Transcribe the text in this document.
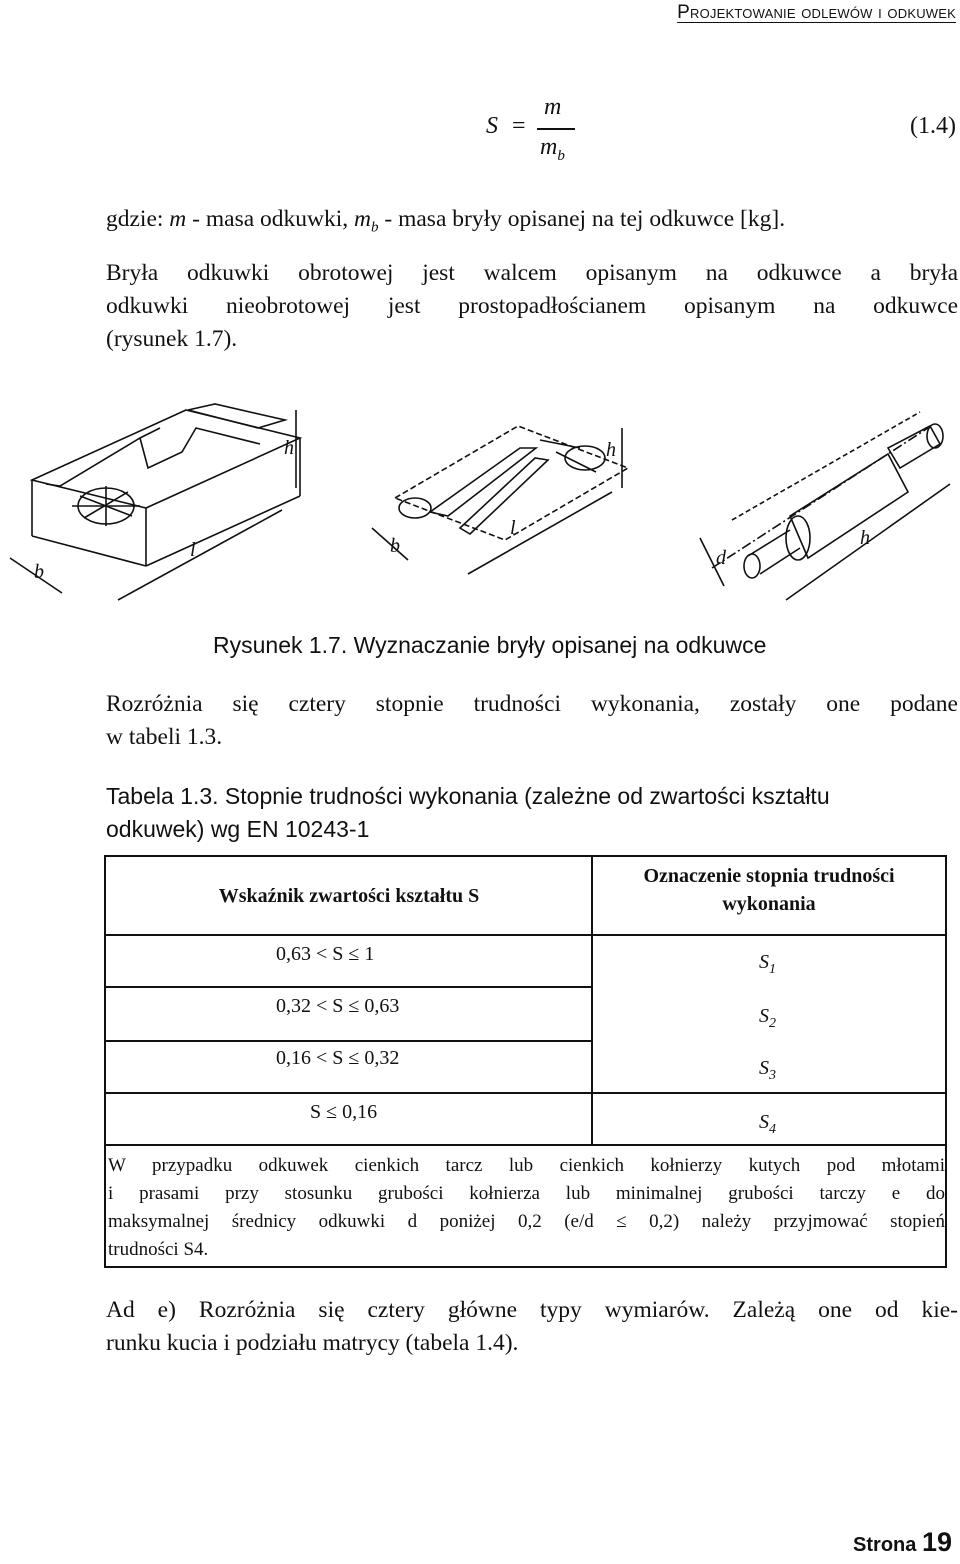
Projektowanie odlewów i odkuwek
S =
m
$m_b$
(1.4)
gdzie: m - masa odkuwki, $m_b$ - masa bryły opisanej na tej odkuwce [kg].
Bryła odkuwki obrotowej jest walcem opisanym na odkuwce a bryła
odkuwki nieobrotowej jest prostopadłościanem opisanym na odkuwce
(rysunek 1.7).
b
l
h
b
l
h
d
h
Rysunek 1.7. Wyznaczanie bryły opisanej na odkuwce
Rozróżnia się cztery stopnie trudności wykonania, zostały one podane
w tabeli 1.3.
Tabela 1.3. Stopnie trudności wykonania (zależne od zwartości kształtu
odkuwek) wg EN 10243-1
Wskaźnik zwartości kształtu S
Oznaczenie stopnia trudności wykonania
0,63 < S ≤ 1
0,32 < S ≤ 0,63
0,16 < S ≤ 0,32
S ≤ 0,16
$S_1$
$S_2$
$S_3$
$S_4$
W przypadku odkuwek cienkich tarcz lub cienkich kołnierzy kutych pod młotami
i prasami przy stosunku grubości kołnierza lub minimalnej grubości tarczy e do
maksymalnej średnicy odkuwki d poniżej 0,2 (e/d ≤ 0,2) należy przyjmować stopień
trudności S4.
Ad e) Rozróżnia się cztery główne typy wymiarów. Zależą one od kie-
runku kucia i podziału matrycy (tabela 1.4).
Strona 19
